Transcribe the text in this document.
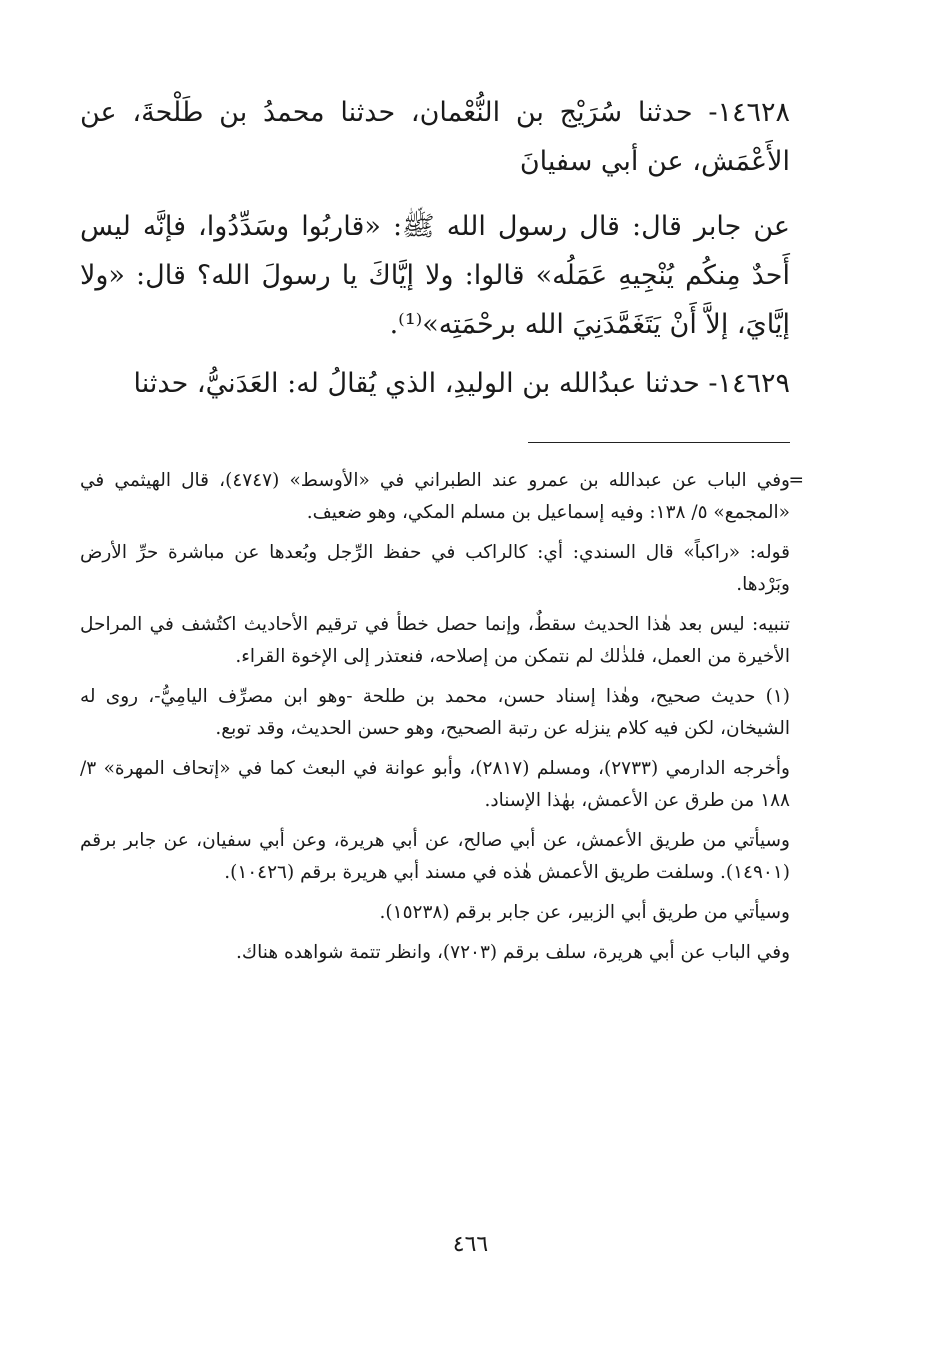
١٤٦٢٨- حدثنا سُرَيْج بن النُّعْمان، حدثنا محمدُ بن طَلْحةَ، عن الأَعْمَش، عن أبي سفيانَ

عن جابر قال: قال رسول الله ﷺ: «قاربُوا وسَدِّدُوا، فإنَّه ليس أَحدٌ مِنكُم يُنْجِيهِ عَمَلُه» قالوا: ولا إيَّاكَ يا رسولَ الله؟ قال: «ولا إيَّايَ، إلاَّ أَنْ يَتَغَمَّدَنِيَ الله برحْمَتِه»⁽¹⁾.

١٤٦٢٩- حدثنا عبدُالله بن الوليدِ، الذي يُقالُ له: العَدَنيُّ، حدثنا

=
وفي الباب عن عبدالله بن عمرو عند الطبراني في «الأوسط» (٤٧٤٧)، قال الهيثمي في «المجمع» ٥/ ١٣٨: وفيه إسماعيل بن مسلم المكي، وهو ضعيف.

قوله: «راكباً» قال السندي: أي: كالراكب في حفظ الرِّجل وبُعدها عن مباشرة حرِّ الأرض وبَرْدها.

تنبيه: ليس بعد هٰذا الحديث سقطٌ، وإنما حصل خطأ في ترقيم الأحاديث اكتُشف في المراحل الأخيرة من العمل، فلذٰلك لم نتمكن من إصلاحه، فنعتذر إلى الإخوة القراء.

(١) حديث صحيح، وهٰذا إسناد حسن، محمد بن طلحة -وهو ابن مصرِّف اليامِيُّ-، روى له الشيخان، لكن فيه كلام ينزله عن رتبة الصحيح، وهو حسن الحديث، وقد توبع.

وأخرجه الدارمي (٢٧٣٣)، ومسلم (٢٨١٧)، وأبو عوانة في البعث كما في «إتحاف المهرة» ٣/ ١٨٨ من طرق عن الأعمش، بهٰذا الإسناد.

وسيأتي من طريق الأعمش، عن أبي صالح، عن أبي هريرة، وعن أبي سفيان، عن جابر برقم (١٤٩٠١). وسلفت طريق الأعمش هٰذه في مسند أبي هريرة برقم (١٠٤٢٦).

وسيأتي من طريق أبي الزبير، عن جابر برقم (١٥٢٣٨).

وفي الباب عن أبي هريرة، سلف برقم (٧٢٠٣)، وانظر تتمة شواهده هناك.

٤٦٦
